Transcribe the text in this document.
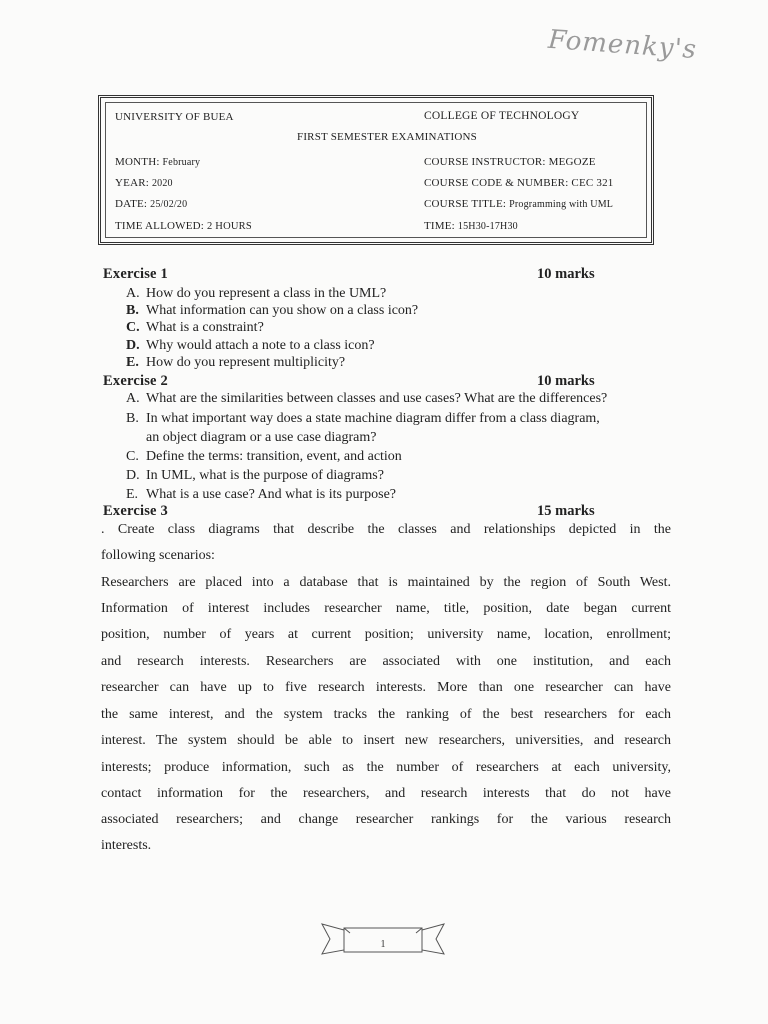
Fomenky's
UNIVERSITY OF BUEA	COLLEGE OF TECHNOLOGY
FIRST SEMESTER EXAMINATIONS
MONTH: February	COURSE INSTRUCTOR: MEGOZE
YEAR: 2020	COURSE CODE & NUMBER: CEC 321
DATE: 25/02/20	COURSE TITLE: Programming with UML
TIME ALLOWED: 2 HOURS	TIME: 15H30-17H30
Exercise 1	10 marks
A. How do you represent a class in the UML?
B. What information can you show on a class icon?
C. What is a constraint?
D. Why would attach a note to a class icon?
E. How do you represent multiplicity?
Exercise 2	10 marks
A. What are the similarities between classes and use cases? What are the differences?
B. In what important way does a state machine diagram differ from a class diagram,
an object diagram or a use case diagram?
C. Define the terms: transition, event, and action
D. In UML, what is the purpose of diagrams?
E. What is a use case? And what is its purpose?
Exercise 3	15 marks
. Create class diagrams that describe the classes and relationships depicted in the
following scenarios:
Researchers are placed into a database that is maintained by the region of South West.
Information of interest includes researcher name, title, position, date began current
position, number of years at current position; university name, location, enrollment;
and research interests. Researchers are associated with one institution, and each
researcher can have up to five research interests. More than one researcher can have
the same interest, and the system tracks the ranking of the best researchers for each
interest. The system should be able to insert new researchers, universities, and research
interests; produce information, such as the number of researchers at each university,
contact information for the researchers, and research interests that do not have
associated researchers; and change researcher rankings for the various research
interests.
1
